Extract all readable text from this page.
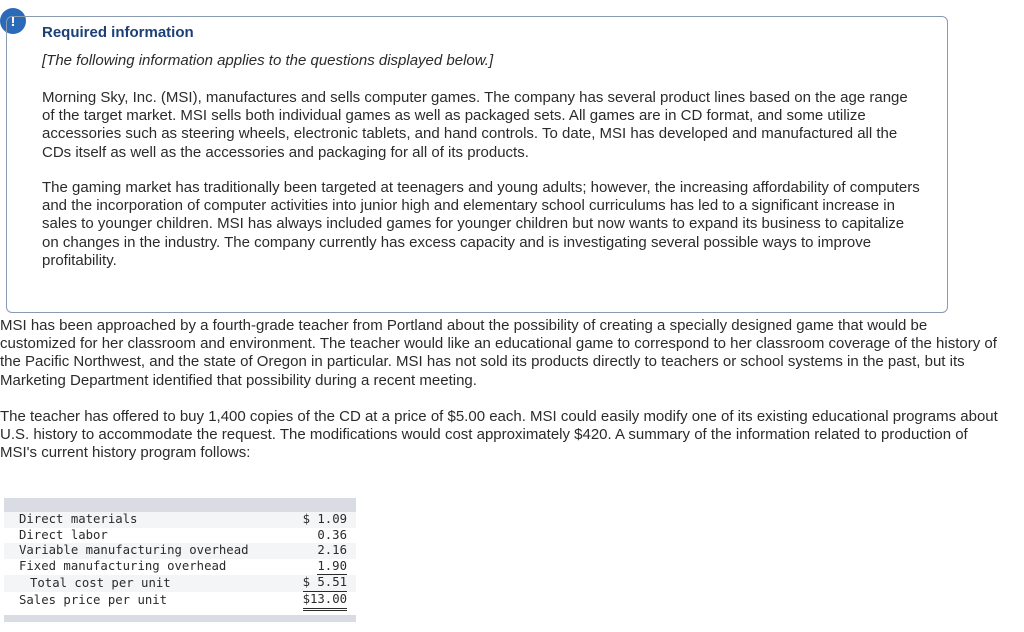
!
Required information
[The following information applies to the questions displayed below.]

Morning Sky, Inc. (MSI), manufactures and sells computer games. The company has several product lines based on the age range of the target market. MSI sells both individual games as well as packaged sets. All games are in CD format, and some utilize accessories such as steering wheels, electronic tablets, and hand controls. To date, MSI has developed and manufactured all the CDs itself as well as the accessories and packaging for all of its products.

The gaming market has traditionally been targeted at teenagers and young adults; however, the increasing affordability of computers and the incorporation of computer activities into junior high and elementary school curriculums has led to a significant increase in sales to younger children. MSI has always included games for younger children but now wants to expand its business to capitalize on changes in the industry. The company currently has excess capacity and is investigating several possible ways to improve profitability.

MSI has been approached by a fourth-grade teacher from Portland about the possibility of creating a specially designed game that would be customized for her classroom and environment. The teacher would like an educational game to correspond to her classroom coverage of the history of the Pacific Northwest, and the state of Oregon in particular. MSI has not sold its products directly to teachers or school systems in the past, but its Marketing Department identified that possibility during a recent meeting.

The teacher has offered to buy 1,400 copies of the CD at a price of $5.00 each. MSI could easily modify one of its existing educational programs about U.S. history to accommodate the request. The modifications would cost approximately $420. A summary of the information related to production of MSI's current history program follows:

Direct materials	$ 1.09
Direct labor	0.36
Variable manufacturing overhead	2.16
Fixed manufacturing overhead	1.90
Total cost per unit	$ 5.51
Sales price per unit	$13.00
